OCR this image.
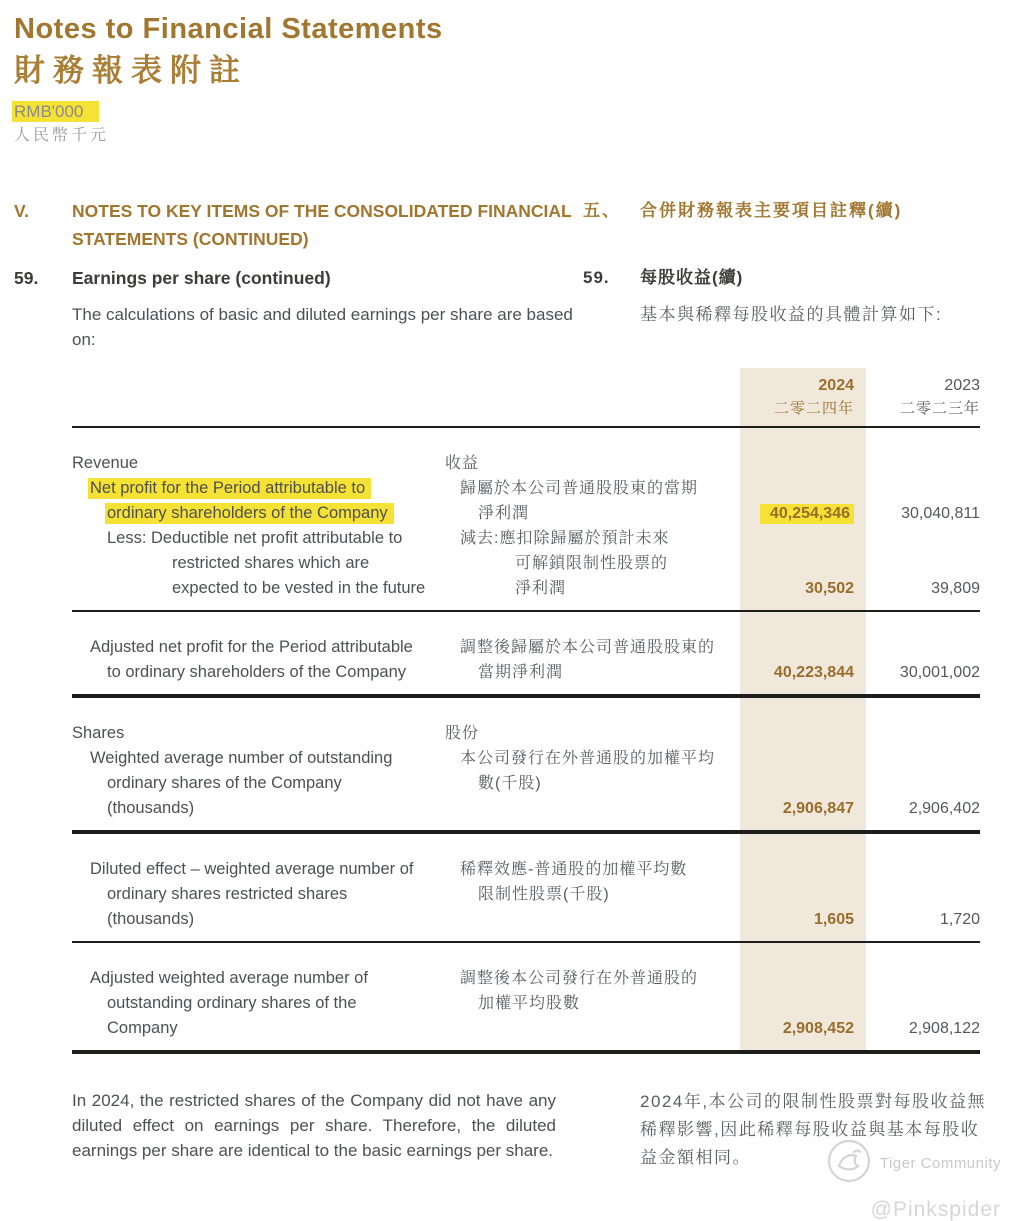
Notes to Financial Statements
財務報表附註
RMB'000
人民幣千元
V.	NOTES TO KEY ITEMS OF THE CONSOLIDATED FINANCIAL STATEMENTS (CONTINUED)
五、	合併財務報表主要項目註釋(續)
59.	Earnings per share (continued)	59.	每股收益(續)
The calculations of basic and diluted earnings per share are based on:
基本與稀釋每股收益的具體計算如下:
2024
二零二四年
2023
二零二三年
Revenue	收益
Net profit for the Period attributable to
ordinary shareholders of the Company
歸屬於本公司普通股股東的當期
淨利潤	40,254,346	30,040,811
Less: Deductible net profit attributable to
restricted shares which are
expected to be vested in the future
減去:應扣除歸屬於預計未來
可解鎖限制性股票的
淨利潤	30,502	39,809
Adjusted net profit for the Period attributable
to ordinary shareholders of the Company
調整後歸屬於本公司普通股股東的
當期淨利潤	40,223,844	30,001,002
Shares	股份
Weighted average number of outstanding
ordinary shares of the Company
(thousands)
本公司發行在外普通股的加權平均
數(千股)
2,906,847	2,906,402
Diluted effect – weighted average number of
ordinary shares restricted shares
(thousands)
稀釋效應-普通股的加權平均數
限制性股票(千股)
1,605	1,720
Adjusted weighted average number of
outstanding ordinary shares of the
Company
調整後本公司發行在外普通股的
加權平均股數
2,908,452	2,908,122
In 2024, the restricted shares of the Company did not have any diluted effect on earnings per share. Therefore, the diluted earnings per share are identical to the basic earnings per share.
2024年,本公司的限制性股票對每股收益無稀釋影響,因此稀釋每股收益與基本每股收益金額相同。	Tiger Community
@Pinkspider
